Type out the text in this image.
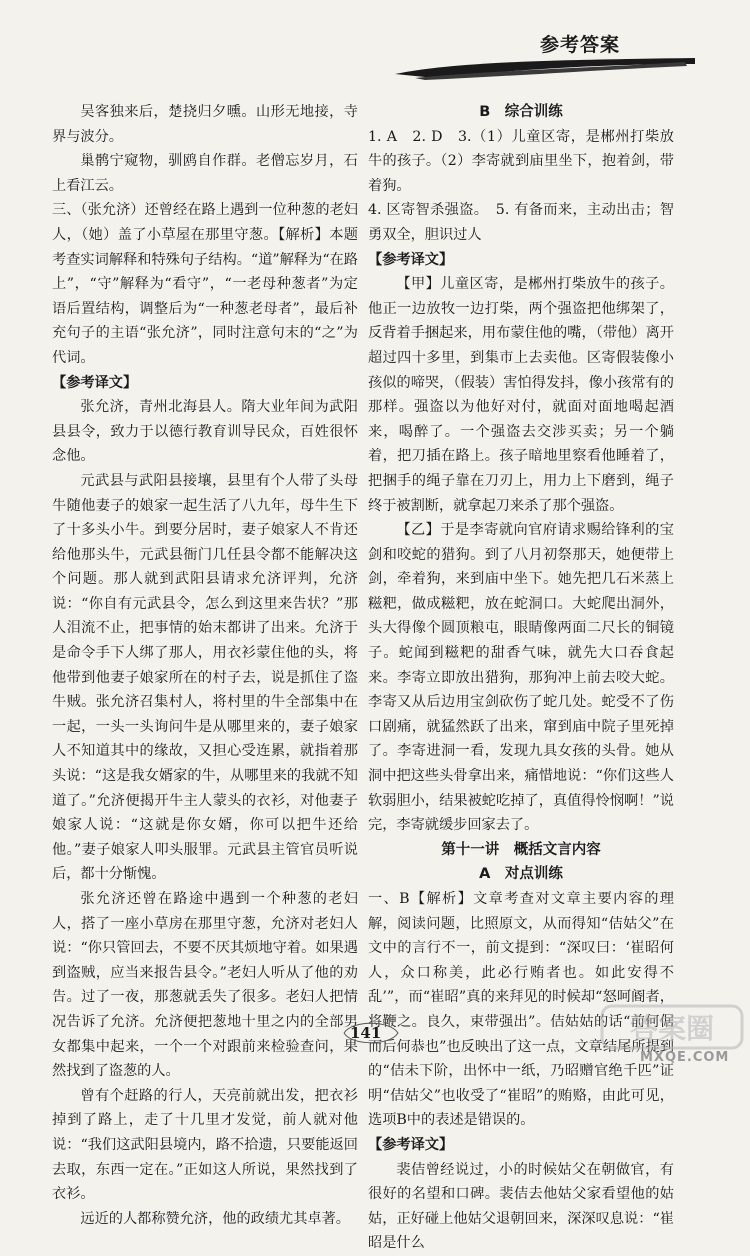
参考答案

吴客独来后，楚挠归夕曛。山形无地接，寺界与波分。

巢鹘宁窥物，驯鸥自作群。老僧忘岁月，石上看江云。

三、（张允济）还曾经在路上遇到一位种葱的老妇人，（她）盖了小草屋在那里守葱。【解析】本题考查实词解释和特殊句子结构。“道”解释为“在路上”，“守”解释为“看守”，“一老母种葱者”为定语后置结构，调整后为“一种葱老母者”，最后补充句子的主语“张允济”，同时注意句末的“之”为代词。

【参考译文】

张允济，青州北海县人。隋大业年间为武阳县县令，致力于以德行教育训导民众，百姓很怀念他。

元武县与武阳县接壤，县里有个人带了头母牛随他妻子的娘家一起生活了八九年，母牛生下了十多头小牛。到要分居时，妻子娘家人不肯还给他那头牛，元武县衙门几任县令都不能解决这个问题。那人就到武阳县请求允济评判，允济说：“你自有元武县令，怎么到这里来告状？”那人泪流不止，把事情的始末都讲了出来。允济于是命令手下人绑了那人，用衣衫蒙住他的头，将他带到他妻子娘家所在的村子去，说是抓住了盗牛贼。张允济召集村人，将村里的牛全部集中在一起，一头一头询问牛是从哪里来的，妻子娘家人不知道其中的缘故，又担心受连累，就指着那头说：“这是我女婿家的牛，从哪里来的我就不知道了。”允济便揭开牛主人蒙头的衣衫，对他妻子娘家人说：“这就是你女婿，你可以把牛还给他。”妻子娘家人叩头服罪。元武县主管官员听说后，都十分惭愧。

张允济还曾在路途中遇到一个种葱的老妇人，搭了一座小草房在那里守葱，允济对老妇人说：“你只管回去，不要不厌其烦地守着。如果遇到盗贼，应当来报告县令。”老妇人听从了他的劝告。过了一夜，那葱就丢失了很多。老妇人把情况告诉了允济。允济便把葱地十里之内的全部男女都集中起来，一个一个对跟前来检验查问，果然找到了盗葱的人。

曾有个赶路的行人，天亮前就出发，把衣衫掉到了路上，走了十几里才发觉，前人就对他说：“我们这武阳县境内，路不拾遗，只要能返回去取，东西一定在。”正如这人所说，果然找到了衣衫。

远近的人都称赞允济，他的政绩尤其卓著。

B　综合训练

1. A　2. D　3.（1）儿童区寄，是郴州打柴放牛的孩子。（2）李寄就到庙里坐下，抱着剑，带着狗。

4. 区寄智杀强盗。　5. 有备而来，主动出击；智勇双全，胆识过人

【参考译文】

【甲】儿童区寄，是郴州打柴放牛的孩子。他正一边放牧一边打柴，两个强盗把他绑架了，反背着手捆起来，用布蒙住他的嘴，（带他）离开超过四十多里，到集市上去卖他。区寄假装像小孩似的啼哭，（假装）害怕得发抖，像小孩常有的那样。强盗以为他好对付，就面对面地喝起酒来，喝醉了。一个强盗去交涉买卖；另一个躺着，把刀插在路上。孩子暗地里察看他睡着了，把捆手的绳子靠在刀刃上，用力上下磨到，绳子终于被割断，就拿起刀来杀了那个强盗。

【乙】于是李寄就向官府请求赐给锋利的宝剑和咬蛇的猎狗。到了八月初祭那天，她便带上剑，牵着狗，来到庙中坐下。她先把几石米蒸上糍粑，做成糍粑，放在蛇洞口。大蛇爬出洞外，头大得像个圆顶粮屯，眼睛像两面二尺长的铜镜子。蛇闻到糍粑的甜香气味，就先大口吞食起来。李寄立即放出猎狗，那狗冲上前去咬大蛇。李寄又从后边用宝剑砍伤了蛇几处。蛇受不了伤口剧痛，就猛然跃了出来，窜到庙中院子里死掉了。李寄进洞一看，发现九具女孩的头骨。她从洞中把这些头骨拿出来，痛惜地说：“你们这些人软弱胆小，结果被蛇吃掉了，真值得怜悯啊！”说完，李寄就缓步回家去了。

第十一讲　概括文言内容

A　对点训练

一、B【解析】文章考查对文章主要内容的理解，阅读问题，比照原文，从而得知“佶姑父”在文中的言行不一，前文提到：“深叹曰：‘崔昭何人，众口称美，此必行贿者也。如此安得不乱’”，而“崔昭”真的来拜见的时候却“怒呵阍者，将鞭之。良久，束带强出”。佶姑姑的话“前何倨而后何恭也”也反映出了这一点，文章结尾所提到的“佶未下阶，出怀中一纸，乃昭赠官绝千匹”证明“佶姑父”也收受了“崔昭”的贿赂，由此可见，选项B中的表述是错误的。

【参考译文】

裴佶曾经说过，小的时候姑父在朝做官，有很好的名望和口碑。裴佶去他姑父家看望他的姑姑，正好碰上他姑父退朝回来，深深叹息说：“崔昭是什么

141	答案圈
MXQE.COM
